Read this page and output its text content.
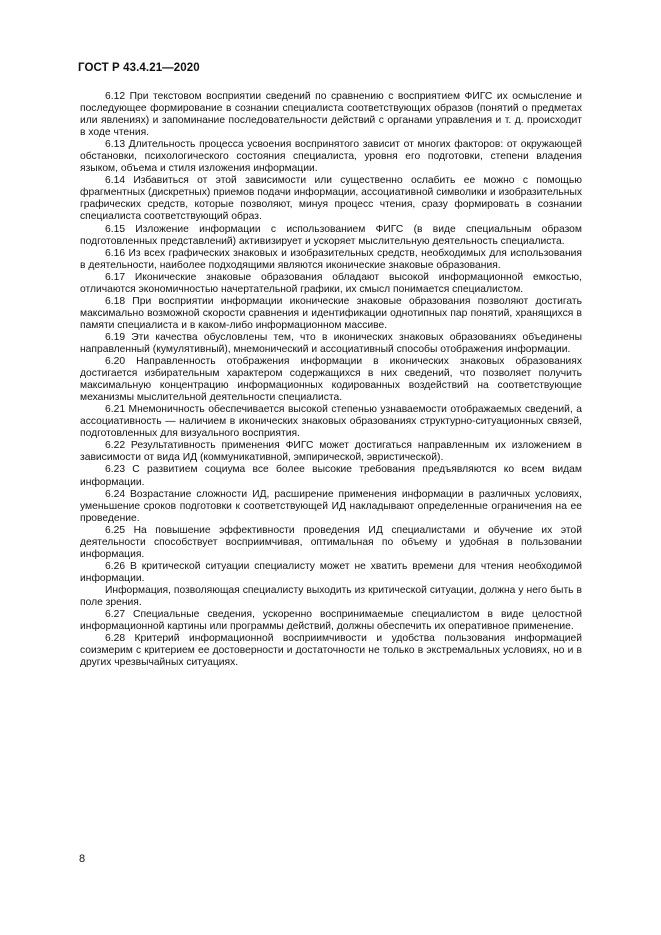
ГОСТ Р 43.4.21—2020

6.12 При текстовом восприятии сведений по сравнению с восприятием ФИГС их осмысление и последующее формирование в сознании специалиста соответствующих образов (понятий о предметах или явлениях) и запоминание последовательности действий с органами управления и т. д. происходит в ходе чтения.

6.13 Длительность процесса усвоения воспринятого зависит от многих факторов: от окружающей обстановки, психологического состояния специалиста, уровня его подготовки, степени владения языком, объема и стиля изложения информации.

6.14 Избавиться от этой зависимости или существенно ослабить ее можно с помощью фрагментных (дискретных) приемов подачи информации, ассоциативной символики и изобразительных графических средств, которые позволяют, минуя процесс чтения, сразу формировать в сознании специалиста соответствующий образ.

6.15 Изложение информации с использованием ФИГС (в виде специальным образом подготовленных представлений) активизирует и ускоряет мыслительную деятельность специалиста.

6.16 Из всех графических знаковых и изобразительных средств, необходимых для использования в деятельности, наиболее подходящими являются иконические знаковые образования.

6.17 Иконические знаковые образования обладают высокой информационной емкостью, отличаются экономичностью начертательной графики, их смысл понимается специалистом.

6.18 При восприятии информации иконические знаковые образования позволяют достигать максимально возможной скорости сравнения и идентификации однотипных пар понятий, хранящихся в памяти специалиста и в каком-либо информационном массиве.

6.19 Эти качества обусловлены тем, что в иконических знаковых образованиях объединены направленный (кумулятивный), мнемонический и ассоциативный способы отображения информации.

6.20 Направленность отображения информации в иконических знаковых образованиях достигается избирательным характером содержащихся в них сведений, что позволяет получить максимальную концентрацию информационных кодированных воздействий на соответствующие механизмы мыслительной деятельности специалиста.

6.21 Мнемоничность обеспечивается высокой степенью узнаваемости отображаемых сведений, а ассоциативность — наличием в иконических знаковых образованиях структурно-ситуационных связей, подготовленных для визуального восприятия.

6.22 Результативность применения ФИГС может достигаться направленным их изложением в зависимости от вида ИД (коммуникативной, эмпирической, эвристической).

6.23 С развитием социума все более высокие требования предъявляются ко всем видам информации.

6.24 Возрастание сложности ИД, расширение применения информации в различных условиях, уменьшение сроков подготовки к соответствующей ИД накладывают определенные ограничения на ее проведение.

6.25 На повышение эффективности проведения ИД специалистами и обучение их этой деятельности способствует восприимчивая, оптимальная по объему и удобная в пользовании информация.

6.26 В критической ситуации специалисту может не хватить времени для чтения необходимой информации.

Информация, позволяющая специалисту выходить из критической ситуации, должна у него быть в поле зрения.

6.27 Специальные сведения, ускоренно воспринимаемые специалистом в виде целостной информационной картины или программы действий, должны обеспечить их оперативное применение.

6.28 Критерий информационной восприимчивости и удобства пользования информацией соизмерим с критерием ее достоверности и достаточности не только в экстремальных условиях, но и в других чрезвычайных ситуациях.

8
